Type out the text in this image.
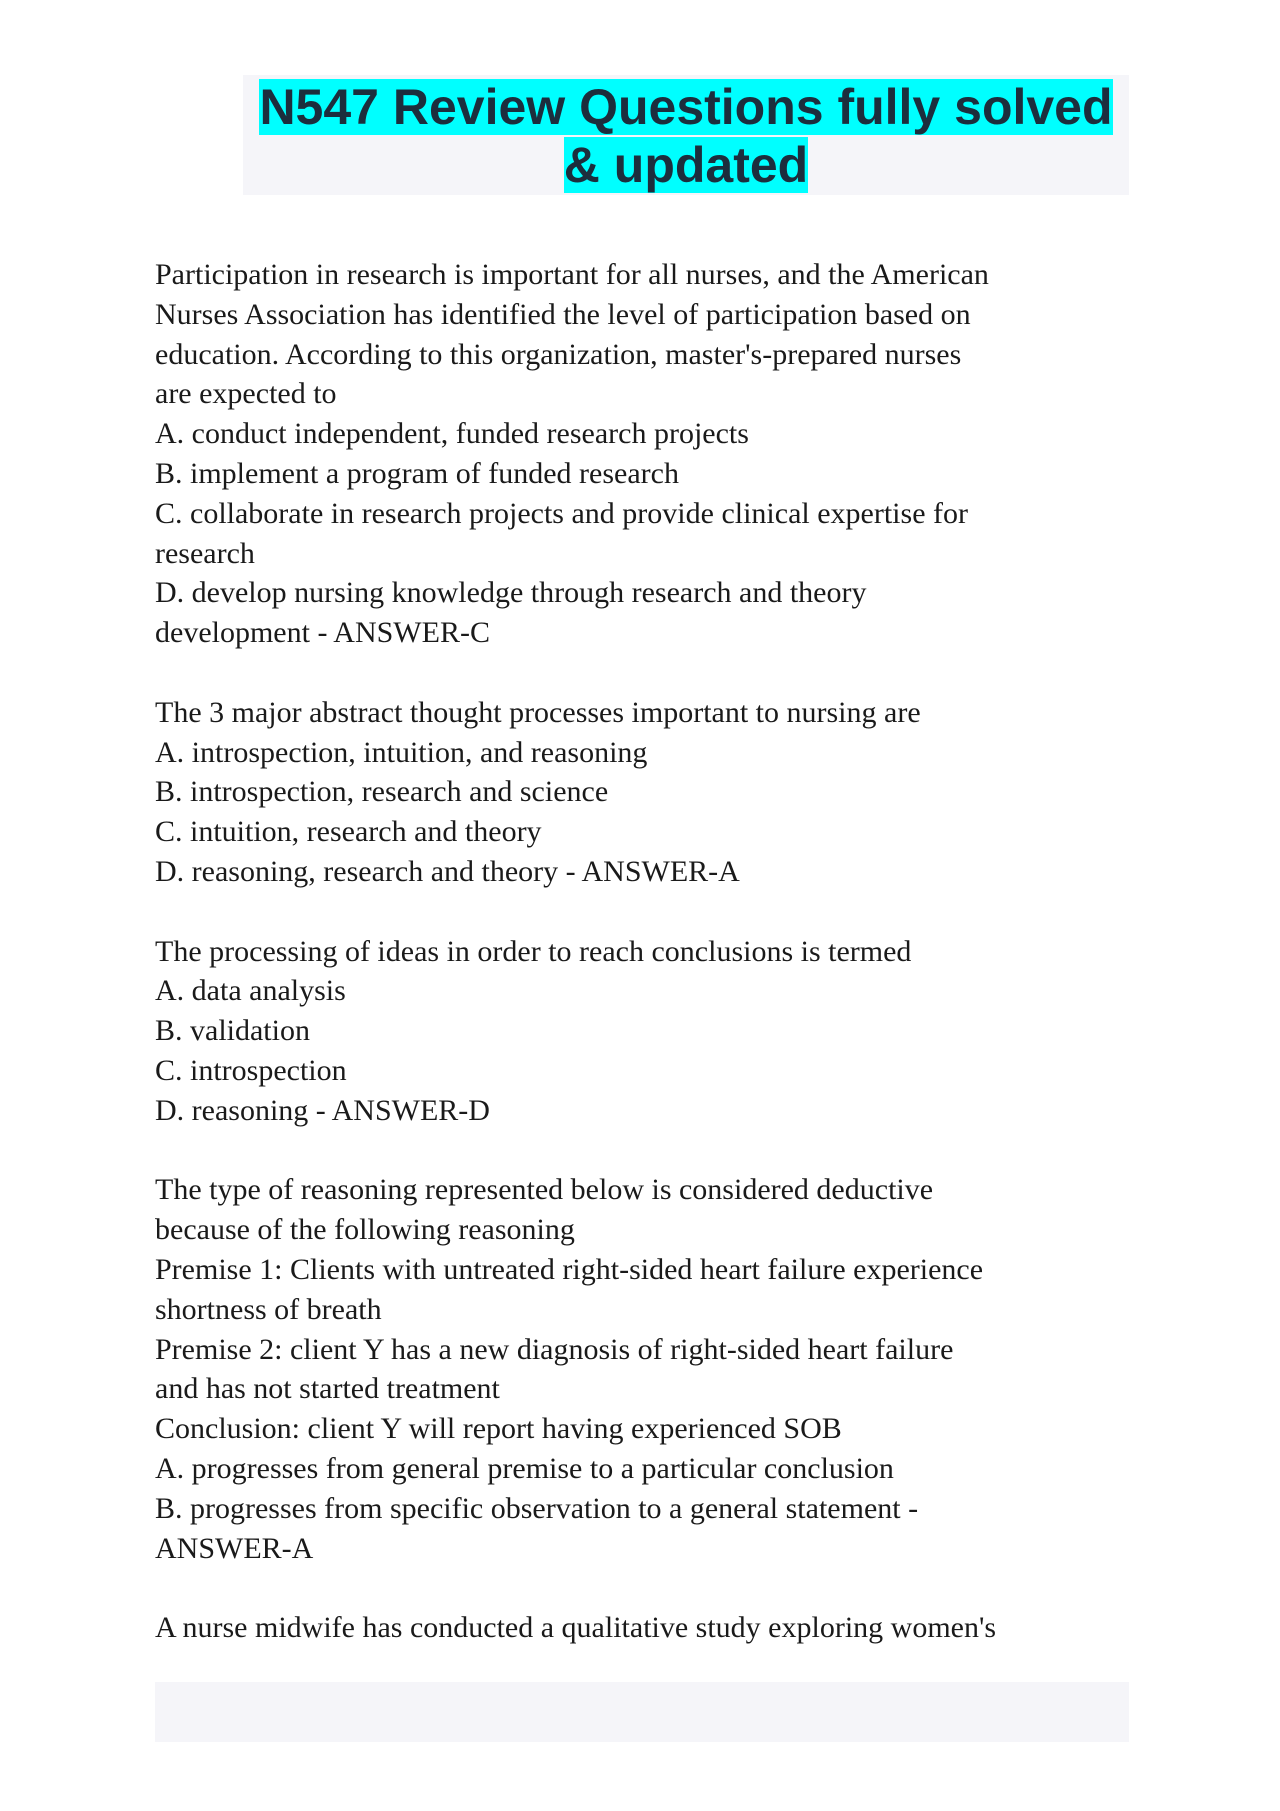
N547 Review Questions fully solved
& updated
Participation in research is important for all nurses, and the American
Nurses Association has identified the level of participation based on
education. According to this organization, master's-prepared nurses
are expected to
A. conduct independent, funded research projects
B. implement a program of funded research
C. collaborate in research projects and provide clinical expertise for
research
D. develop nursing knowledge through research and theory
development - ANSWER-C
The 3 major abstract thought processes important to nursing are
A. introspection, intuition, and reasoning
B. introspection, research and science
C. intuition, research and theory
D. reasoning, research and theory - ANSWER-A
The processing of ideas in order to reach conclusions is termed
A. data analysis
B. validation
C. introspection
D. reasoning - ANSWER-D
The type of reasoning represented below is considered deductive
because of the following reasoning
Premise 1: Clients with untreated right-sided heart failure experience
shortness of breath
Premise 2: client Y has a new diagnosis of right-sided heart failure
and has not started treatment
Conclusion: client Y will report having experienced SOB
A. progresses from general premise to a particular conclusion
B. progresses from specific observation to a general statement -
ANSWER-A
A nurse midwife has conducted a qualitative study exploring women's
